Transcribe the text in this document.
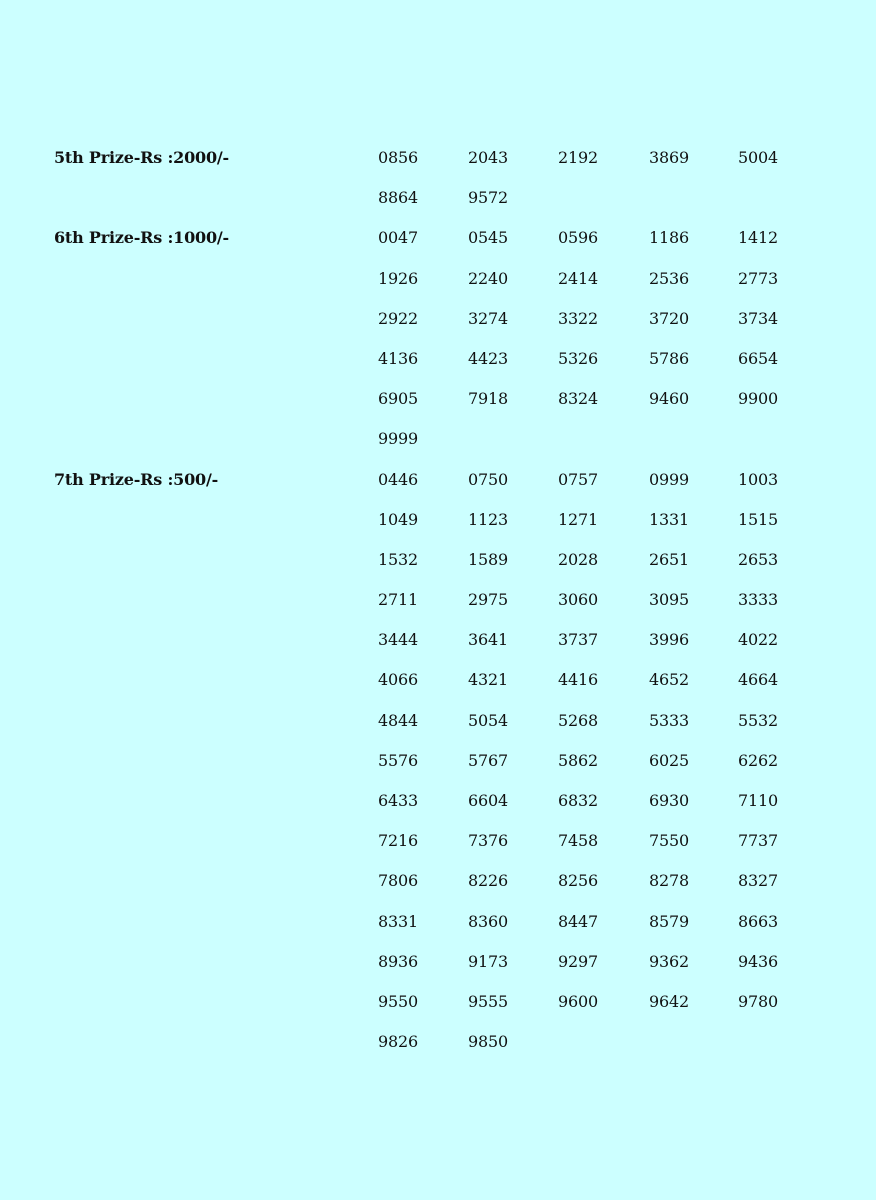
5th Prize-Rs :2000/-	0856	2043	2192	3869	5004
8864	9572
6th Prize-Rs :1000/-	0047	0545	0596	1186	1412
1926	2240	2414	2536	2773
2922	3274	3322	3720	3734
4136	4423	5326	5786	6654
6905	7918	8324	9460	9900
9999
7th Prize-Rs :500/-	0446	0750	0757	0999	1003
1049	1123	1271	1331	1515
1532	1589	2028	2651	2653
2711	2975	3060	3095	3333
3444	3641	3737	3996	4022
4066	4321	4416	4652	4664
4844	5054	5268	5333	5532
5576	5767	5862	6025	6262
6433	6604	6832	6930	7110
7216	7376	7458	7550	7737
7806	8226	8256	8278	8327
8331	8360	8447	8579	8663
8936	9173	9297	9362	9436
9550	9555	9600	9642	9780
9826	9850
